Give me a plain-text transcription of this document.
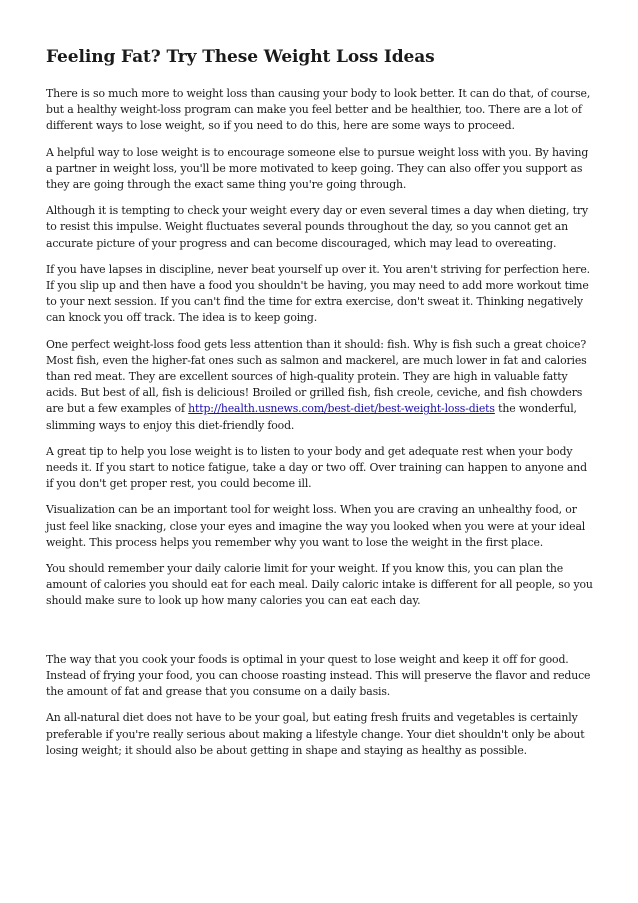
Feeling Fat? Try These Weight Loss Ideas

There is so much more to weight loss than causing your body to look better. It can do that, of course, but a healthy weight-loss program can make you feel better and be healthier, too. There are a lot of different ways to lose weight, so if you need to do this, here are some ways to proceed.

A helpful way to lose weight is to encourage someone else to pursue weight loss with you. By having a partner in weight loss, you'll be more motivated to keep going. They can also offer you support as they are going through the exact same thing you're going through.

Although it is tempting to check your weight every day or even several times a day when dieting, try to resist this impulse. Weight fluctuates several pounds throughout the day, so you cannot get an accurate picture of your progress and can become discouraged, which may lead to overeating.

If you have lapses in discipline, never beat yourself up over it. You aren't striving for perfection here. If you slip up and then have a food you shouldn't be having, you may need to add more workout time to your next session. If you can't find the time for extra exercise, don't sweat it. Thinking negatively can knock you off track. The idea is to keep going.

One perfect weight-loss food gets less attention than it should: fish. Why is fish such a great choice? Most fish, even the higher-fat ones such as salmon and mackerel, are much lower in fat and calories than red meat. They are excellent sources of high-quality protein. They are high in valuable fatty acids. But best of all, fish is delicious! Broiled or grilled fish, fish creole, ceviche, and fish chowders are but a few examples of http://health.usnews.com/best-diet/best-weight-loss-diets the wonderful, slimming ways to enjoy this diet-friendly food.

A great tip to help you lose weight is to listen to your body and get adequate rest when your body needs it. If you start to notice fatigue, take a day or two off. Over training can happen to anyone and if you don't get proper rest, you could become ill.

Visualization can be an important tool for weight loss. When you are craving an unhealthy food, or just feel like snacking, close your eyes and imagine the way you looked when you were at your ideal weight. This process helps you remember why you want to lose the weight in the first place.

You should remember your daily calorie limit for your weight. If you know this, you can plan the amount of calories you should eat for each meal. Daily caloric intake is different for all people, so you should make sure to look up how many calories you can eat each day.

The way that you cook your foods is optimal in your quest to lose weight and keep it off for good. Instead of frying your food, you can choose roasting instead. This will preserve the flavor and reduce the amount of fat and grease that you consume on a daily basis.

An all-natural diet does not have to be your goal, but eating fresh fruits and vegetables is certainly preferable if you're really serious about making a lifestyle change. Your diet shouldn't only be about losing weight; it should also be about getting in shape and staying as healthy as possible.
